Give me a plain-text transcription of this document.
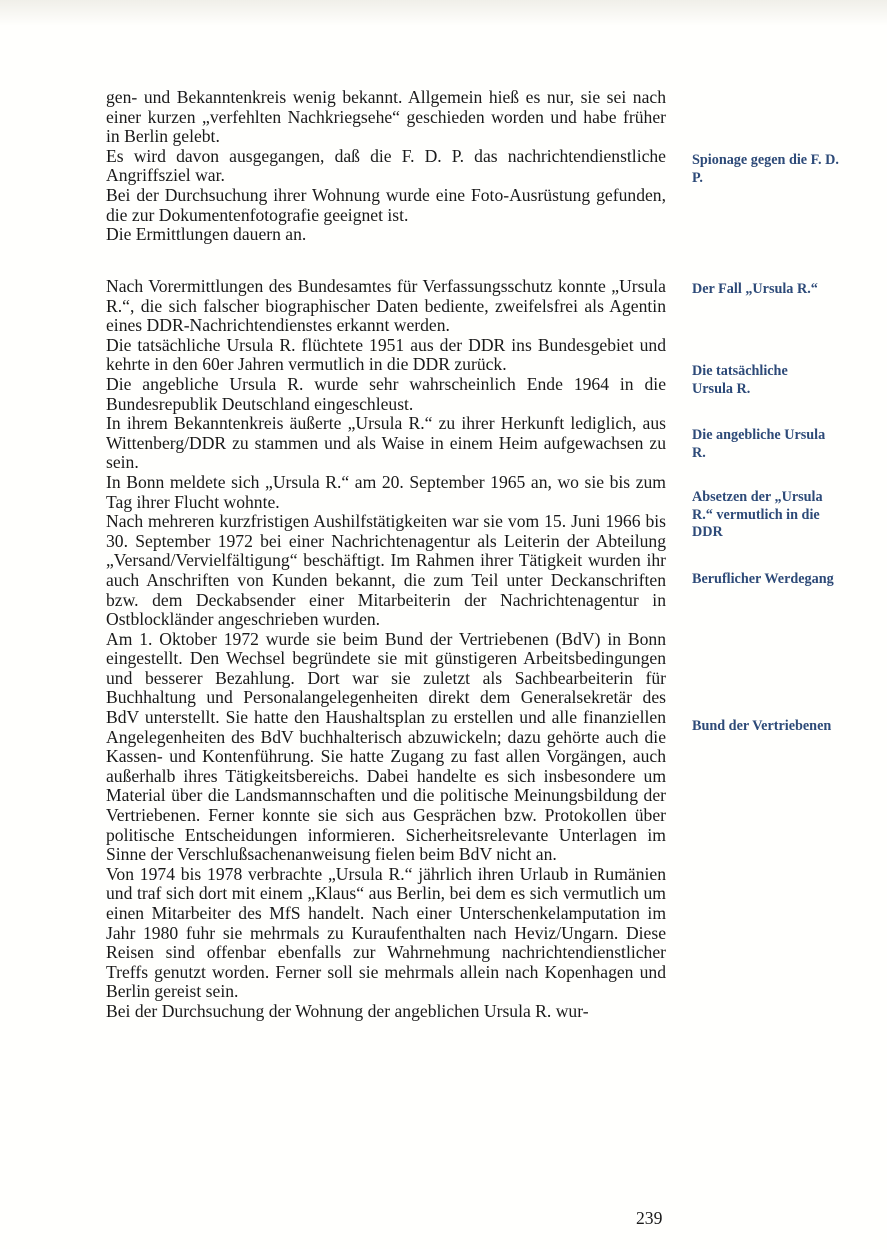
gen- und Bekanntenkreis wenig bekannt. Allgemein hieß es nur, sie sei nach einer kurzen „verfehlten Nachkriegsehe“ geschieden worden und habe früher in Berlin gelebt.

Es wird davon ausgegangen, daß die F. D. P. das nachrichtendienstliche Angriffsziel war.

Bei der Durchsuchung ihrer Wohnung wurde eine Foto-Ausrüstung gefunden, die zur Dokumentenfotografie geeignet ist.

Die Ermittlungen dauern an.

Nach Vorermittlungen des Bundesamtes für Verfassungsschutz konnte „Ursula R.“, die sich falscher biographischer Daten bediente, zweifelsfrei als Agentin eines DDR-Nachrichtendienstes erkannt werden.

Die tatsächliche Ursula R. flüchtete 1951 aus der DDR ins Bundesgebiet und kehrte in den 60er Jahren vermutlich in die DDR zurück.

Die angebliche Ursula R. wurde sehr wahrscheinlich Ende 1964 in die Bundesrepublik Deutschland eingeschleust.

In ihrem Bekanntenkreis äußerte „Ursula R.“ zu ihrer Herkunft lediglich, aus Wittenberg/DDR zu stammen und als Waise in einem Heim aufgewachsen zu sein.

In Bonn meldete sich „Ursula R.“ am 20. September 1965 an, wo sie bis zum Tag ihrer Flucht wohnte.

Nach mehreren kurzfristigen Aushilfstätigkeiten war sie vom 15. Juni 1966 bis 30. September 1972 bei einer Nachrichtenagentur als Leiterin der Abteilung „Versand/Vervielfältigung“ beschäftigt. Im Rahmen ihrer Tätigkeit wurden ihr auch Anschriften von Kunden bekannt, die zum Teil unter Deckanschriften bzw. dem Deckabsender einer Mitarbeiterin der Nachrichtenagentur in Ostblockländer angeschrieben wurden.

Am 1. Oktober 1972 wurde sie beim Bund der Vertriebenen (BdV) in Bonn eingestellt. Den Wechsel begründete sie mit günstigeren Arbeitsbedingungen und besserer Bezahlung. Dort war sie zuletzt als Sachbearbeiterin für Buchhaltung und Personalangelegenheiten direkt dem Generalsekretär des BdV unterstellt. Sie hatte den Haushaltsplan zu erstellen und alle finanziellen Angelegenheiten des BdV buchhalterisch abzuwickeln; dazu gehörte auch die Kassen- und Kontenführung. Sie hatte Zugang zu fast allen Vorgängen, auch außerhalb ihres Tätigkeitsbereichs. Dabei handelte es sich insbesondere um Material über die Landsmannschaften und die politische Meinungsbildung der Vertriebenen. Ferner konnte sie sich aus Gesprächen bzw. Protokollen über politische Entscheidungen informieren. Sicherheitsrelevante Unterlagen im Sinne der Verschlußsachenanweisung fielen beim BdV nicht an.

Von 1974 bis 1978 verbrachte „Ursula R.“ jährlich ihren Urlaub in Rumänien und traf sich dort mit einem „Klaus“ aus Berlin, bei dem es sich vermutlich um einen Mitarbeiter des MfS handelt. Nach einer Unterschenkelamputation im Jahr 1980 fuhr sie mehrmals zu Kuraufenthalten nach Heviz/Ungarn. Diese Reisen sind offenbar ebenfalls zur Wahrnehmung nachrichtendienstlicher Treffs genutzt worden. Ferner soll sie mehrmals allein nach Kopenhagen und Berlin gereist sein.

Bei der Durchsuchung der Wohnung der angeblichen Ursula R. wur-

Spionage gegen die F. D. P.

Der Fall „Ursula R.“

Die tatsächliche Ursula R.

Die angebliche Ursula R.

Absetzen der „Ursula R.“ vermutlich in die DDR

Beruflicher Werdegang

Bund der Vertriebenen

239
